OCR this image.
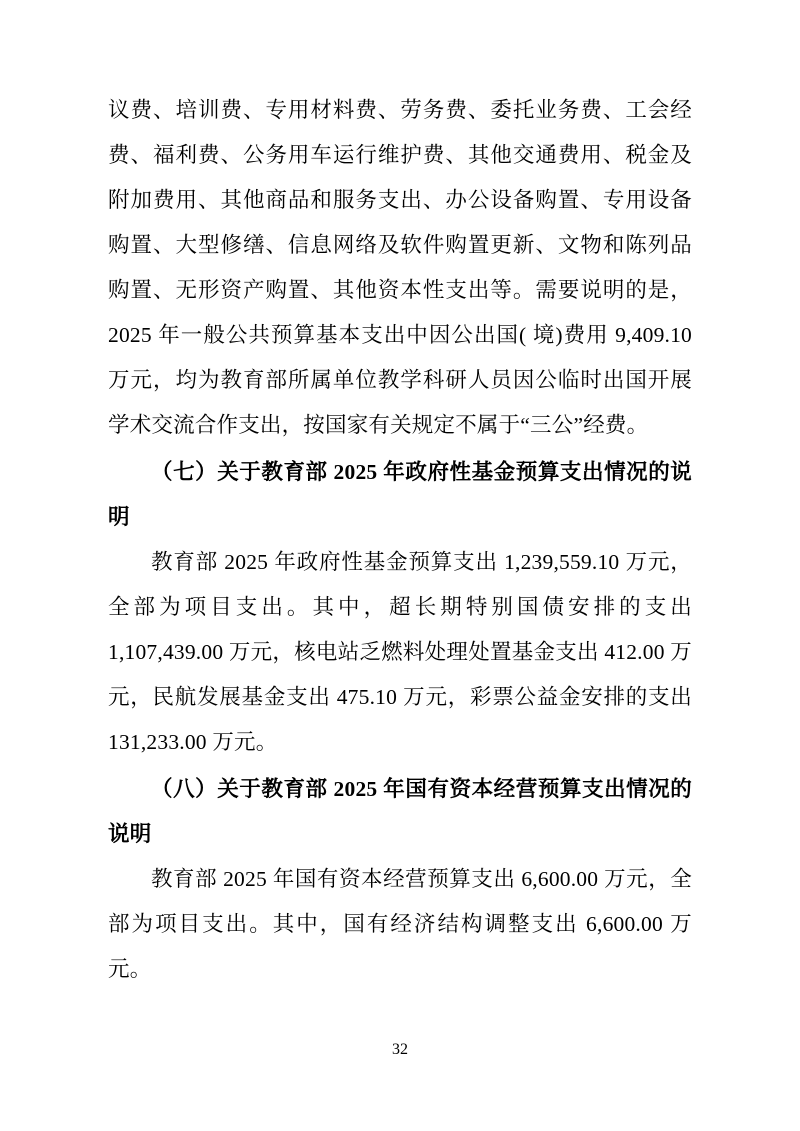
议费、培训费、专用材料费、劳务费、委托业务费、工会经费、福利费、公务用车运行维护费、其他交通费用、税金及附加费用、其他商品和服务支出、办公设备购置、专用设备购置、大型修缮、信息网络及软件购置更新、文物和陈列品购置、无形资产购置、其他资本性支出等。需要说明的是，2025 年一般公共预算基本支出中因公出国( 境)费用 9,409.10 万元，均为教育部所属单位教学科研人员因公临时出国开展学术交流合作支出，按国家有关规定不属于“三公”经费。

（七）关于教育部 2025 年政府性基金预算支出情况的说明

教育部 2025 年政府性基金预算支出 1,239,559.10 万元，全部为项目支出。其中，超长期特别国债安排的支出 1,107,439.00 万元，核电站乏燃料处理处置基金支出 412.00 万元，民航发展基金支出 475.10 万元，彩票公益金安排的支出 131,233.00 万元。

（八）关于教育部 2025 年国有资本经营预算支出情况的说明

教育部 2025 年国有资本经营预算支出 6,600.00 万元，全部为项目支出。其中，国有经济结构调整支出 6,600.00 万元。

32
